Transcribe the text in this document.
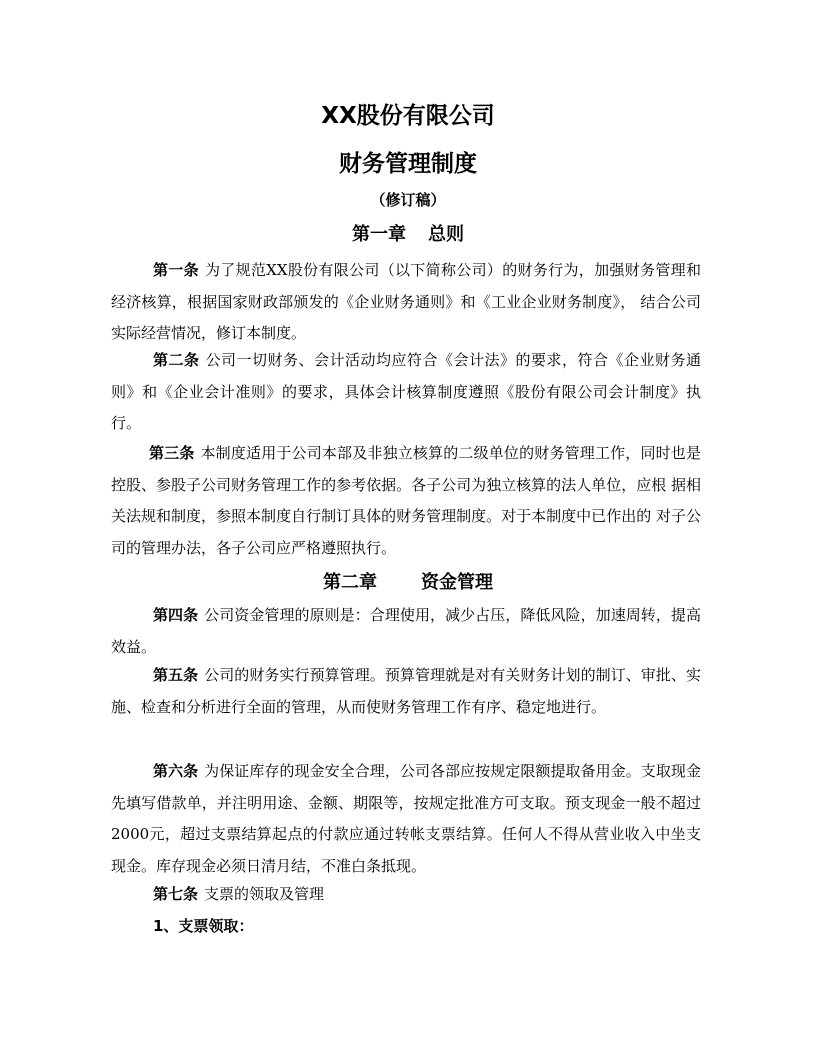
XX股份有限公司
财务管理制度
（修订稿）
第一章 总则
第一条 为了规范XX股份有限公司（以下简称公司）的财务行为，加强财务管理和经济核算，根据国家财政部颁发的《企业财务通则》和《工业企业财务制度》， 结合公司实际经营情况，修订本制度。
第二条 公司一切财务、会计活动均应符合《会计法》的要求，符合《企业财务通则》和《企业会计准则》的要求，具体会计核算制度遵照《股份有限公司会计制度》执行。
第三条 本制度适用于公司本部及非独立核算的二级单位的财务管理工作，同时也是控股、参股子公司财务管理工作的参考依据。各子公司为独立核算的法人单位，应根 据相关法规和制度，参照本制度自行制订具体的财务管理制度。对于本制度中已作出的 对子公司的管理办法，各子公司应严格遵照执行。
第二章 资金管理
第四条 公司资金管理的原则是：合理使用，减少占压，降低风险，加速周转，提高效益。
第五条 公司的财务实行预算管理。预算管理就是对有关财务计划的制订、审批、实施、检查和分析进行全面的管理，从而使财务管理工作有序、稳定地进行。
第六条 为保证库存的现金安全合理，公司各部应按规定限额提取备用金。支取现金先填写借款单，并注明用途、金额、期限等，按规定批准方可支取。预支现金一般不超过2000元，超过支票结算起点的付款应通过转帐支票结算。任何人不得从营业收入中坐支现金。库存现金必须日清月结，不准白条抵现。
第七条 支票的领取及管理
1、支票领取：
